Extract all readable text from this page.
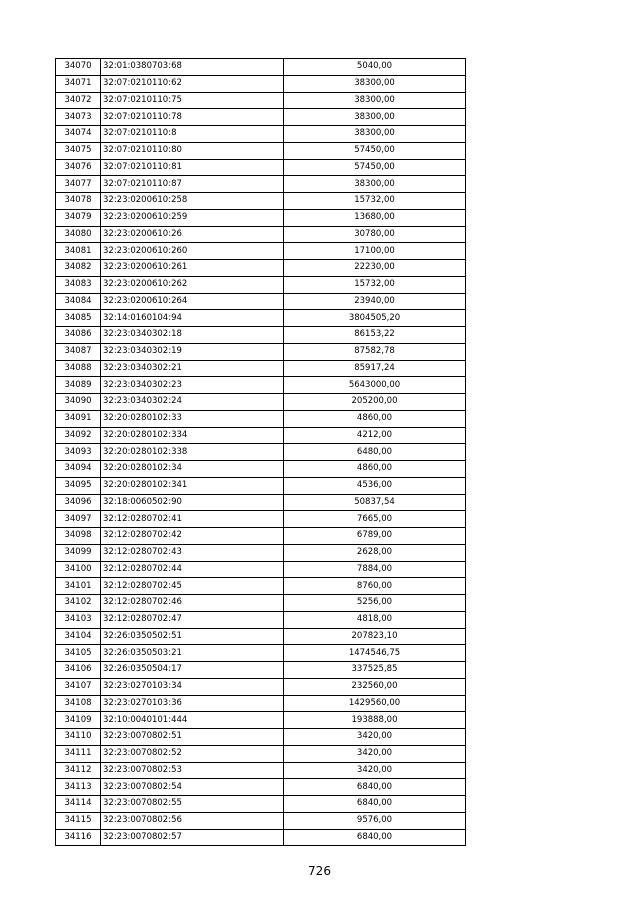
34070	32:01:0380703:68	5040,00
34071	32:07:0210110:62	38300,00
34072	32:07:0210110:75	38300,00
34073	32:07:0210110:78	38300,00
34074	32:07:0210110:8	38300,00
34075	32:07:0210110:80	57450,00
34076	32:07:0210110:81	57450,00
34077	32:07:0210110:87	38300,00
34078	32:23:0200610:258	15732,00
34079	32:23:0200610:259	13680,00
34080	32:23:0200610:26	30780,00
34081	32:23:0200610:260	17100,00
34082	32:23:0200610:261	22230,00
34083	32:23:0200610:262	15732,00
34084	32:23:0200610:264	23940,00
34085	32:14:0160104:94	3804505,20
34086	32:23:0340302:18	86153,22
34087	32:23:0340302:19	87582,78
34088	32:23:0340302:21	85917,24
34089	32:23:0340302:23	5643000,00
34090	32:23:0340302:24	205200,00
34091	32:20:0280102:33	4860,00
34092	32:20:0280102:334	4212,00
34093	32:20:0280102:338	6480,00
34094	32:20:0280102:34	4860,00
34095	32:20:0280102:341	4536,00
34096	32:18:0060502:90	50837,54
34097	32:12:0280702:41	7665,00
34098	32:12:0280702:42	6789,00
34099	32:12:0280702:43	2628,00
34100	32:12:0280702:44	7884,00
34101	32:12:0280702:45	8760,00
34102	32:12:0280702:46	5256,00
34103	32:12:0280702:47	4818,00
34104	32:26:0350502:51	207823,10
34105	32:26:0350503:21	1474546,75
34106	32:26:0350504:17	337525,85
34107	32:23:0270103:34	232560,00
34108	32:23:0270103:36	1429560,00
34109	32:10:0040101:444	193888,00
34110	32:23:0070802:51	3420,00
34111	32:23:0070802:52	3420,00
34112	32:23:0070802:53	3420,00
34113	32:23:0070802:54	6840,00
34114	32:23:0070802:55	6840,00
34115	32:23:0070802:56	9576,00
34116	32:23:0070802:57	6840,00
726
